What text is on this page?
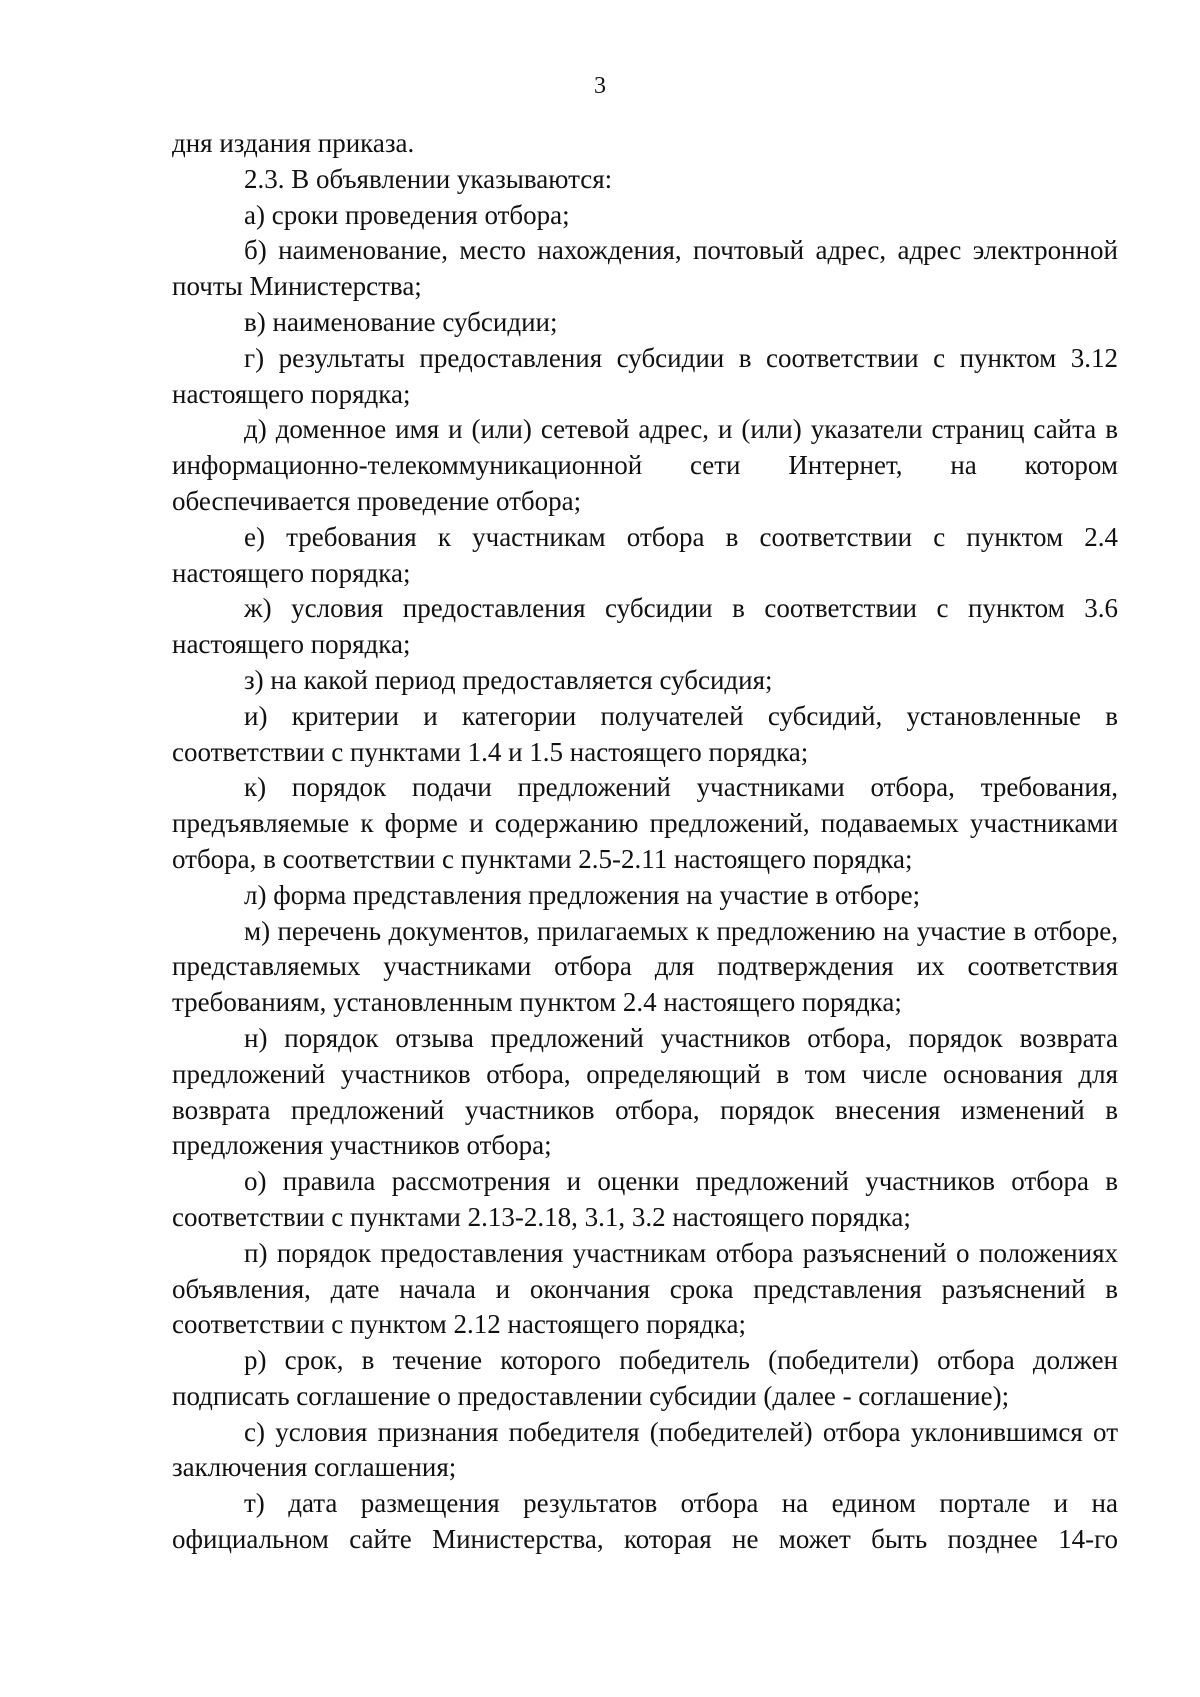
3

дня издания приказа.

2.3. В объявлении указываются:

а) сроки проведения отбора;

б) наименование, место нахождения, почтовый адрес, адрес электронной почты Министерства;

в) наименование субсидии;

г) результаты предоставления субсидии в соответствии с пунктом 3.12 настоящего порядка;

д) доменное имя и (или) сетевой адрес, и (или) указатели страниц сайта в информационно-телекоммуникационной сети Интернет, на котором обеспечивается проведение отбора;

е) требования к участникам отбора в соответствии с пунктом 2.4 настоящего порядка;

ж) условия предоставления субсидии в соответствии с пунктом 3.6 настоящего порядка;

з) на какой период предоставляется субсидия;

и) критерии и категории получателей субсидий, установленные в соответствии с пунктами 1.4 и 1.5 настоящего порядка;

к) порядок подачи предложений участниками отбора, требования, предъявляемые к форме и содержанию предложений, подаваемых участниками отбора, в соответствии с пунктами 2.5-2.11 настоящего порядка;

л) форма представления предложения на участие в отборе;

м) перечень документов, прилагаемых к предложению на участие в отборе, представляемых участниками отбора для подтверждения их соответствия требованиям, установленным пунктом 2.4 настоящего порядка;

н) порядок отзыва предложений участников отбора, порядок возврата предложений участников отбора, определяющий в том числе основания для возврата предложений участников отбора, порядок внесения изменений в предложения участников отбора;

о) правила рассмотрения и оценки предложений участников отбора в соответствии с пунктами 2.13-2.18, 3.1, 3.2 настоящего порядка;

п) порядок предоставления участникам отбора разъяснений о положениях объявления, дате начала и окончания срока представления разъяснений в соответствии с пунктом 2.12 настоящего порядка;

р) срок, в течение которого победитель (победители) отбора должен подписать соглашение о предоставлении субсидии (далее - соглашение);

с) условия признания победителя (победителей) отбора уклонившимся от заключения соглашения;

т) дата размещения результатов отбора на едином портале и на официальном сайте Министерства, которая не может быть позднее 14-го
